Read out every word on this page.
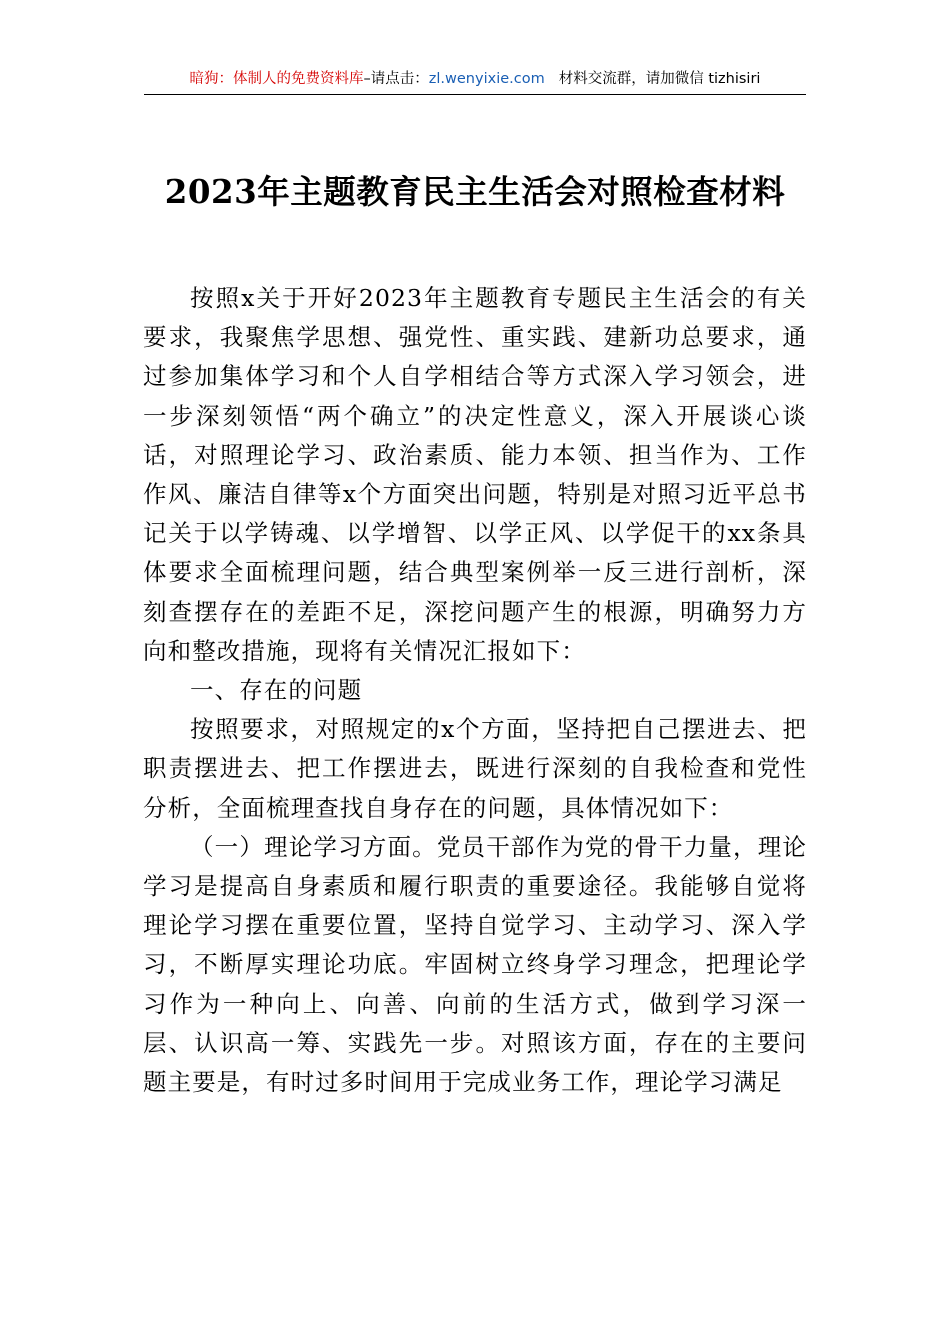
暗狗：体制人的免费资料库–请点击：zl.wenyixie.com 材料交流群，请加微信 tizhisiri
2023年主题教育民主生活会对照检查材料

按照x关于开好2023年主题教育专题民主生活会的有关要求，我聚焦学思想、强党性、重实践、建新功总要求，通过参加集体学习和个人自学相结合等方式深入学习领会，进一步深刻领悟“两个确立”的决定性意义，深入开展谈心谈话，对照理论学习、政治素质、能力本领、担当作为、工作作风、廉洁自律等x个方面突出问题，特别是对照习近平总书记关于以学铸魂、以学增智、以学正风、以学促干的xx条具体要求全面梳理问题，结合典型案例举一反三进行剖析，深刻查摆存在的差距不足，深挖问题产生的根源，明确努力方向和整改措施，现将有关情况汇报如下：

一、存在的问题

按照要求，对照规定的x个方面，坚持把自己摆进去、把职责摆进去、把工作摆进去，既进行深刻的自我检查和党性分析，全面梳理查找自身存在的问题，具体情况如下：

（一）理论学习方面。党员干部作为党的骨干力量，理论学习是提高自身素质和履行职责的重要途径。我能够自觉将理论学习摆在重要位置，坚持自觉学习、主动学习、深入学习，不断厚实理论功底。牢固树立终身学习理念，把理论学习作为一种向上、向善、向前的生活方式，做到学习深一层、认识高一筹、实践先一步。对照该方面，存在的主要问题主要是，有时过多时间用于完成业务工作，理论学习满足
